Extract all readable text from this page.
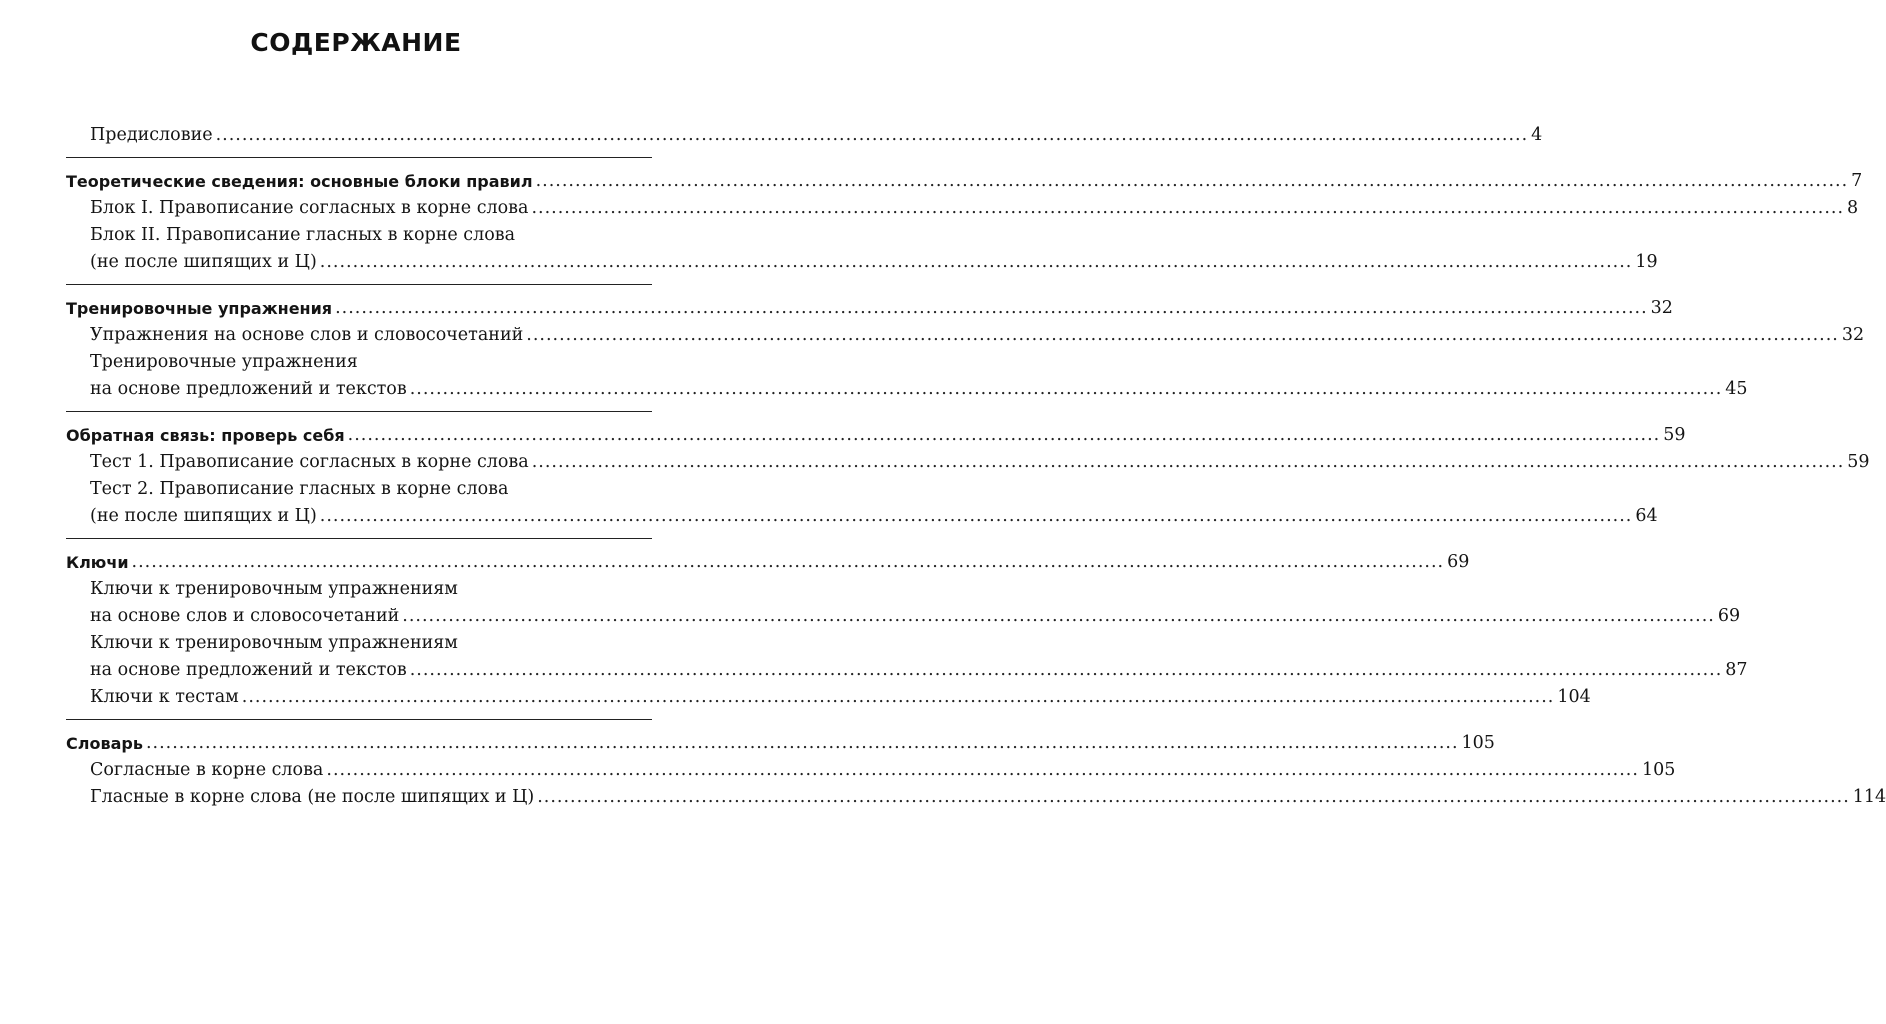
СОДЕРЖАНИЕ
Предисловие ........................................................................................................................................................................................................ 4
Теоретические сведения: основные блоки правил ........................................................................................................................................................................................................ 7
Блок I. Правописание согласных в корне слова ........................................................................................................................................................................................................ 8
Блок II. Правописание гласных в корне слова
(не после шипящих и Ц) ........................................................................................................................................................................................................ 19
Тренировочные упражнения ........................................................................................................................................................................................................ 32
Упражнения на основе слов и словосочетаний ........................................................................................................................................................................................................ 32
Тренировочные упражнения
на основе предложений и текстов ........................................................................................................................................................................................................ 45
Обратная связь: проверь себя ........................................................................................................................................................................................................ 59
Тест 1. Правописание согласных в корне слова ........................................................................................................................................................................................................ 59
Тест 2. Правописание гласных в корне слова
(не после шипящих и Ц) ........................................................................................................................................................................................................ 64
Ключи ........................................................................................................................................................................................................ 69
Ключи к тренировочным упражнениям
на основе слов и словосочетаний ........................................................................................................................................................................................................ 69
Ключи к тренировочным упражнениям
на основе предложений и текстов ........................................................................................................................................................................................................ 87
Ключи к тестам ........................................................................................................................................................................................................ 104
Словарь ........................................................................................................................................................................................................ 105
Согласные в корне слова ........................................................................................................................................................................................................ 105
Гласные в корне слова (не после шипящих и Ц) ........................................................................................................................................................................................................ 114
